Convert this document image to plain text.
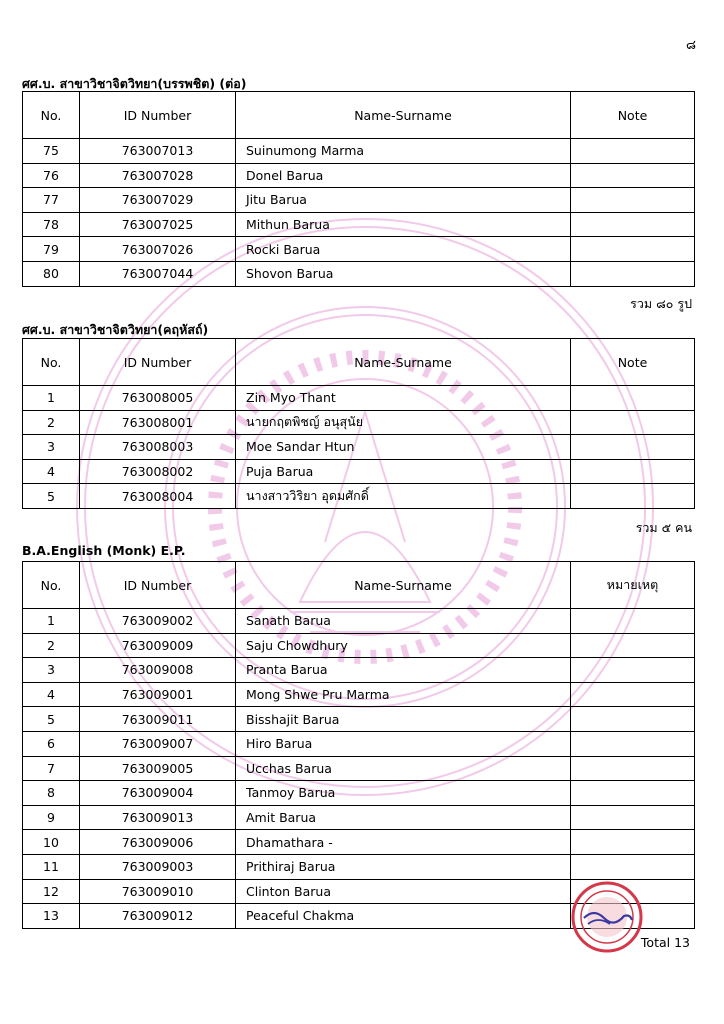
๘
ศศ.บ. สาขาวิชาจิตวิทยา(บรรพชิต) (ต่อ)
No.	ID Number	Name-Surname	Note
75	763007013	Suinumong Marma	
76	763007028	Donel Barua	
77	763007029	Jitu Barua	
78	763007025	Mithun Barua	
79	763007026	Rocki Barua	
80	763007044	Shovon Barua	
รวม ๘๐ รูป
ศศ.บ. สาขาวิชาจิตวิทยา(คฤหัสถ์)
No.	ID Number	Name-Surname	Note
1	763008005	Zin Myo Thant	
2	763008001	นายกฤตพิชญ์ อนุสุนัย	
3	763008003	Moe Sandar Htun	
4	763008002	Puja Barua	
5	763008004	นางสาววิริยา อุดมศักดิ์	
รวม ๕ คน
B.A.English (Monk) E.P.
No.	ID Number	Name-Surname	หมายเหตุ
1	763009002	Sanath Barua	
2	763009009	Saju Chowdhury	
3	763009008	Pranta Barua	
4	763009001	Mong Shwe Pru Marma	
5	763009011	Bisshajit Barua	
6	763009007	Hiro Barua	
7	763009005	Ucchas Barua	
8	763009004	Tanmoy Barua	
9	763009013	Amit Barua	
10	763009006	Dhamathara -	
11	763009003	Prithiraj Barua	
12	763009010	Clinton Barua	
13	763009012	Peaceful Chakma	
Total 13
